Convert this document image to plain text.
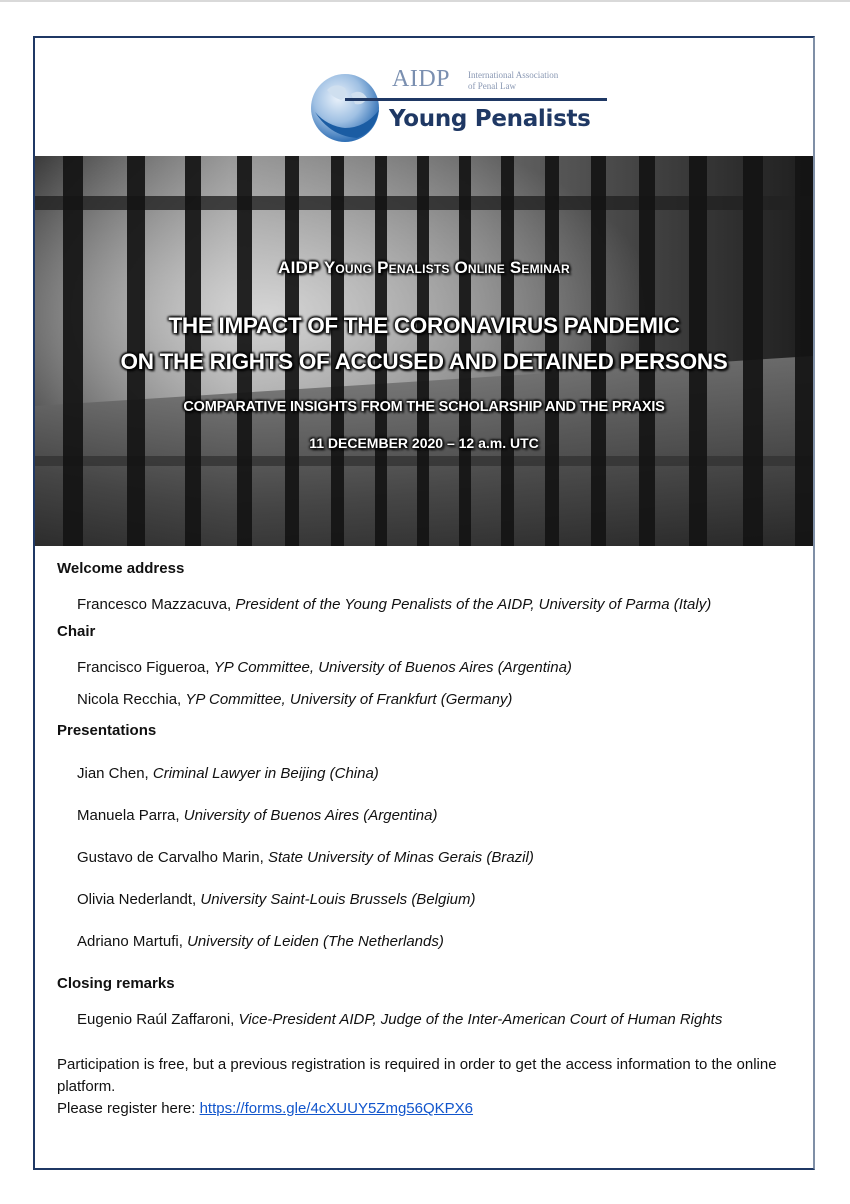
AIDP International Association
of Penal Law
Young Penalists
AIDP Young Penalists Online Seminar
THE IMPACT OF THE CORONAVIRUS PANDEMIC
ON THE RIGHTS OF ACCUSED AND DETAINED PERSONS
COMPARATIVE INSIGHTS FROM THE SCHOLARSHIP AND THE PRAXIS
11 DECEMBER 2020 – 12 a.m. UTC
Welcome address
Francesco Mazzacuva, President of the Young Penalists of the AIDP, University of Parma (Italy)
Chair
Francisco Figueroa, YP Committee, University of Buenos Aires (Argentina)
Nicola Recchia, YP Committee, University of Frankfurt (Germany)
Presentations
Jian Chen, Criminal Lawyer in Beijing (China)
Manuela Parra, University of Buenos Aires (Argentina)
Gustavo de Carvalho Marin, State University of Minas Gerais (Brazil)
Olivia Nederlandt, University Saint-Louis Brussels (Belgium)
Adriano Martufi, University of Leiden (The Netherlands)
Closing remarks
Eugenio Raúl Zaffaroni, Vice-President AIDP, Judge of the Inter-American Court of Human Rights
Participation is free, but a previous registration is required in order to get the access information to the online platform.
Please register here: https://forms.gle/4cXUUY5Zmg56QKPX6
